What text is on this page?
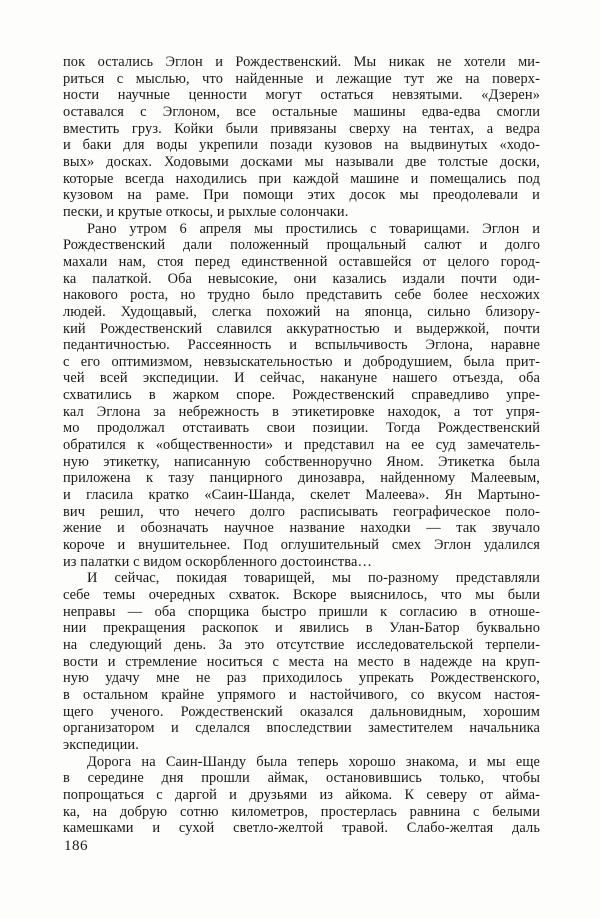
пок остались Эглон и Рождественский. Мы никак не хотели ми-
риться с мыслью, что найденные и лежащие тут же на поверх-
ности научные ценности могут остаться невзятыми. «Дзерен»
оставался с Эглоном, все остальные машины едва-едва смогли
вместить груз. Койки были привязаны сверху на тентах, а ведра
и баки для воды укрепили позади кузовов на выдвинутых «ходо-
вых» досках. Ходовыми досками мы называли две толстые доски,
которые всегда находились при каждой машине и помещались под
кузовом на раме. При помощи этих досок мы преодолевали и
пески, и крутые откосы, и рыхлые солончаки.
Рано утром 6 апреля мы простились с товарищами. Эглон и
Рождественский дали положенный прощальный салют и долго
махали нам, стоя перед единственной оставшейся от целого город-
ка палаткой. Оба невысокие, они казались издали почти оди-
накового роста, но трудно было представить себе более несхожих
людей. Худощавый, слегка похожий на японца, сильно близору-
кий Рождественский славился аккуратностью и выдержкой, почти
педантичностью. Рассеянность и вспыльчивость Эглона, наравне
с его оптимизмом, невзыскательностью и добродушием, была прит-
чей всей экспедиции. И сейчас, накануне нашего отъезда, оба
схватились в жарком споре. Рождественский справедливо упре-
кал Эглона за небрежность в этикетировке находок, а тот упря-
мо продолжал отстаивать свои позиции. Тогда Рождественский
обратился к «общественности» и представил на ее суд замечатель-
ную этикетку, написанную собственноручно Яном. Этикетка была
приложена к тазу панцирного динозавра, найденному Малеевым,
и гласила кратко «Саин-Шанда, скелет Малеева». Ян Мартыно-
вич решил, что нечего долго расписывать географическое поло-
жение и обозначать научное название находки — так звучало
короче и внушительнее. Под оглушительный смех Эглон удалился
из палатки с видом оскорбленного достоинства…
И сейчас, покидая товарищей, мы по-разному представляли
себе темы очередных схваток. Вскоре выяснилось, что мы были
неправы — оба спорщика быстро пришли к согласию в отноше-
нии прекращения раскопок и явились в Улан-Батор буквально
на следующий день. За это отсутствие исследовательской терпели-
вости и стремление носиться с места на место в надежде на круп-
ную удачу мне не раз приходилось упрекать Рождественского,
в остальном крайне упрямого и настойчивого, со вкусом настоя-
щего ученого. Рождественский оказался дальновидным, хорошим
организатором и сделался впоследствии заместителем начальника
экспедиции.
Дорога на Саин-Шанду была теперь хорошо знакома, и мы еще
в середине дня прошли аймак, остановившись только, чтобы
попрощаться с даргой и друзьями из айкома. К северу от айма-
ка, на добрую сотню километров, простерлась равнина с белыми
камешками и сухой светло-желтой травой. Слабо-желтая даль
186
